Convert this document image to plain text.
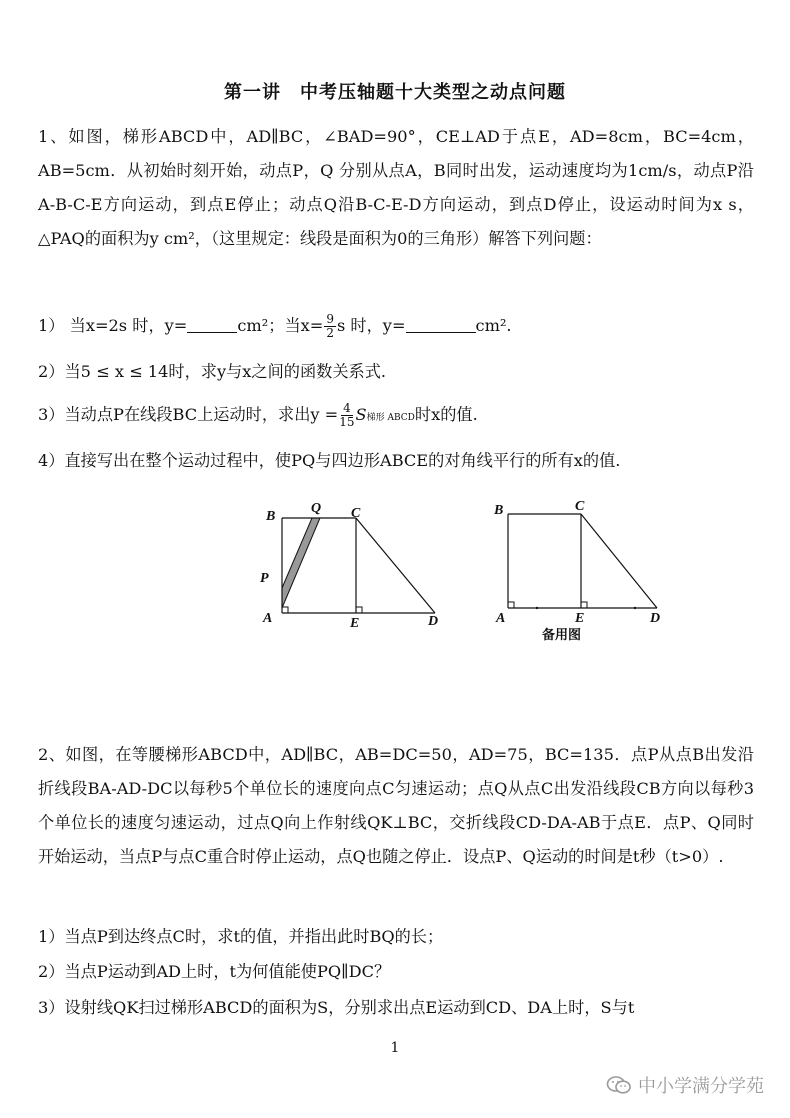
第一讲　中考压轴题十大类型之动点问题
1、如图，梯形ABCD中，AD∥BC，∠BAD=90°，CE⊥AD于点E，AD=8cm，BC=4cm，AB=5cm．从初始时刻开始，动点P，Q 分别从点A，B同时出发，运动速度均为1cm/s，动点P沿A-B-C-E方向运动，到点E停止；动点Q沿B-C-E-D方向运动，到点D停止，设运动时间为x s，△PAQ的面积为y cm²，（这里规定：线段是面积为0的三角形）解答下列问题：
1） 当x=2s 时，y=	cm²；当$x= \frac{9}{2}$ s 时，y=	cm².
2）当5 ≤ x ≤ 14时，求y与x之间的函数关系式.
3）当动点P在线段BC上运动时，求出$y = \frac{4}{15}$ S梯形 ABCD时x的值.
4）直接写出在整个运动过程中，使PQ与四边形ABCE的对角线平行的所有x的值.
B
Q C
P
A	E	D
B	C
A	E	D
备用图
2、如图，在等腰梯形ABCD中，AD∥BC，AB=DC=50，AD=75，BC=135．点P从点B出发沿折线段BA-AD-DC以每秒5个单位长的速度向点C匀速运动；点Q从点C出发沿线段CB方向以每秒3个单位长的速度匀速运动，过点Q向上作射线QK⊥BC，交折线段CD-DA-AB于点E．点P、Q同时开始运动，当点P与点C重合时停止运动，点Q也随之停止．设点P、Q运动的时间是t秒（t>0）.
1）当点P到达终点C时，求t的值，并指出此时BQ的长；
2）当点P运动到AD上时，t为何值能使PQ∥DC？
3）设射线QK扫过梯形ABCD的面积为S，分别求出点E运动到CD、DA上时，S与t
1
中小学满分学苑
